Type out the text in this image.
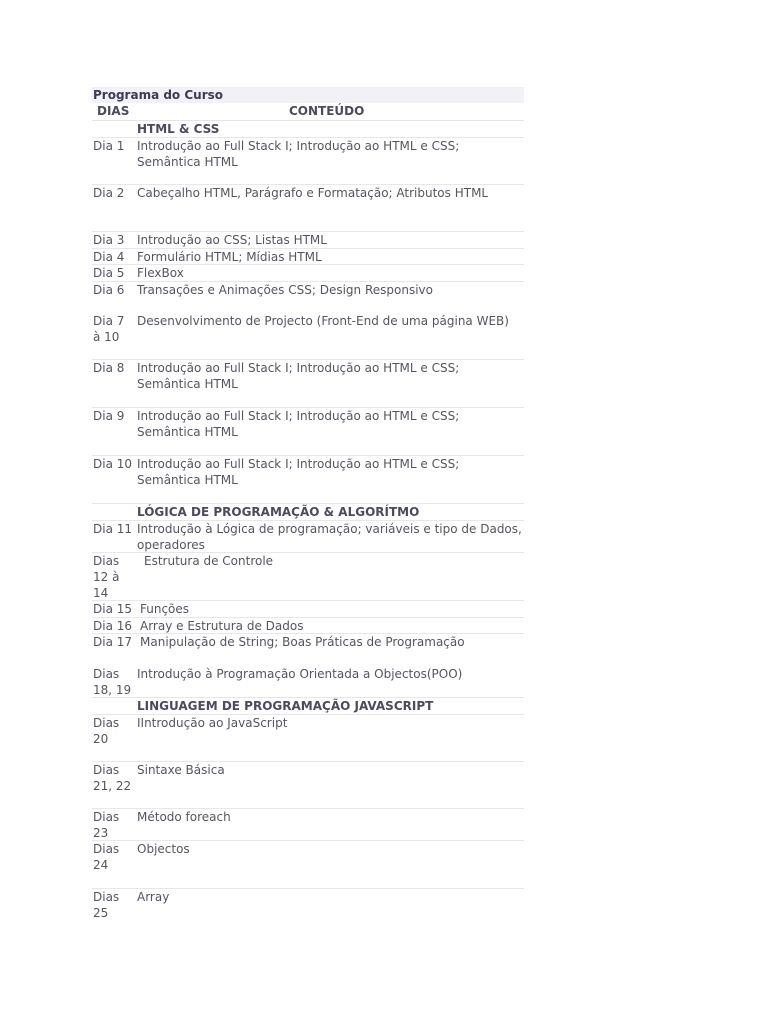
Programa do Curso
DIAS	CONTEÚDO
HTML & CSS
Dia 1 Introdução ao Full Stack I; Introdução ao HTML e CSS; Semântica HTML
Dia 2 Cabeçalho HTML, Parágrafo e Formatação; Atributos HTML
Dia 3 Introdução ao CSS; Listas HTML
Dia 4 Formulário HTML; Mídias HTML
Dia 5 FlexBox
Dia 6 Transações e Animações CSS; Design Responsivo
Dia 7 à 10
Desenvolvimento de Projecto (Front-End de uma página WEB)
Dia 8 Introdução ao Full Stack I; Introdução ao HTML e CSS; Semântica HTML
Dia 9 Introdução ao Full Stack I; Introdução ao HTML e CSS; Semântica HTML
Dia 10 Introdução ao Full Stack I; Introdução ao HTML e CSS; Semântica HTML
LÓGICA DE PROGRAMAÇÃO & ALGORÍTMO
Dia 11 Introdução à Lógica de programação; variáveis e tipo de Dados, operadores
Dias 12 à 14
Estrutura de Controle
Dia 15 Funções
Dia 16 Array e Estrutura de Dados
Dia 17 Manipulação de String; Boas Práticas de Programação
Dias 18, 19
Introdução à Programação Orientada a Objectos(POO)
LINGUAGEM DE PROGRAMAÇÃO JAVASCRIPT
Dias 20
IIntrodução ao JavaScript
Dias 21, 22
Sintaxe Básica
Dias 23
Método foreach
Dias 24
Objectos
Dias 25
Array
